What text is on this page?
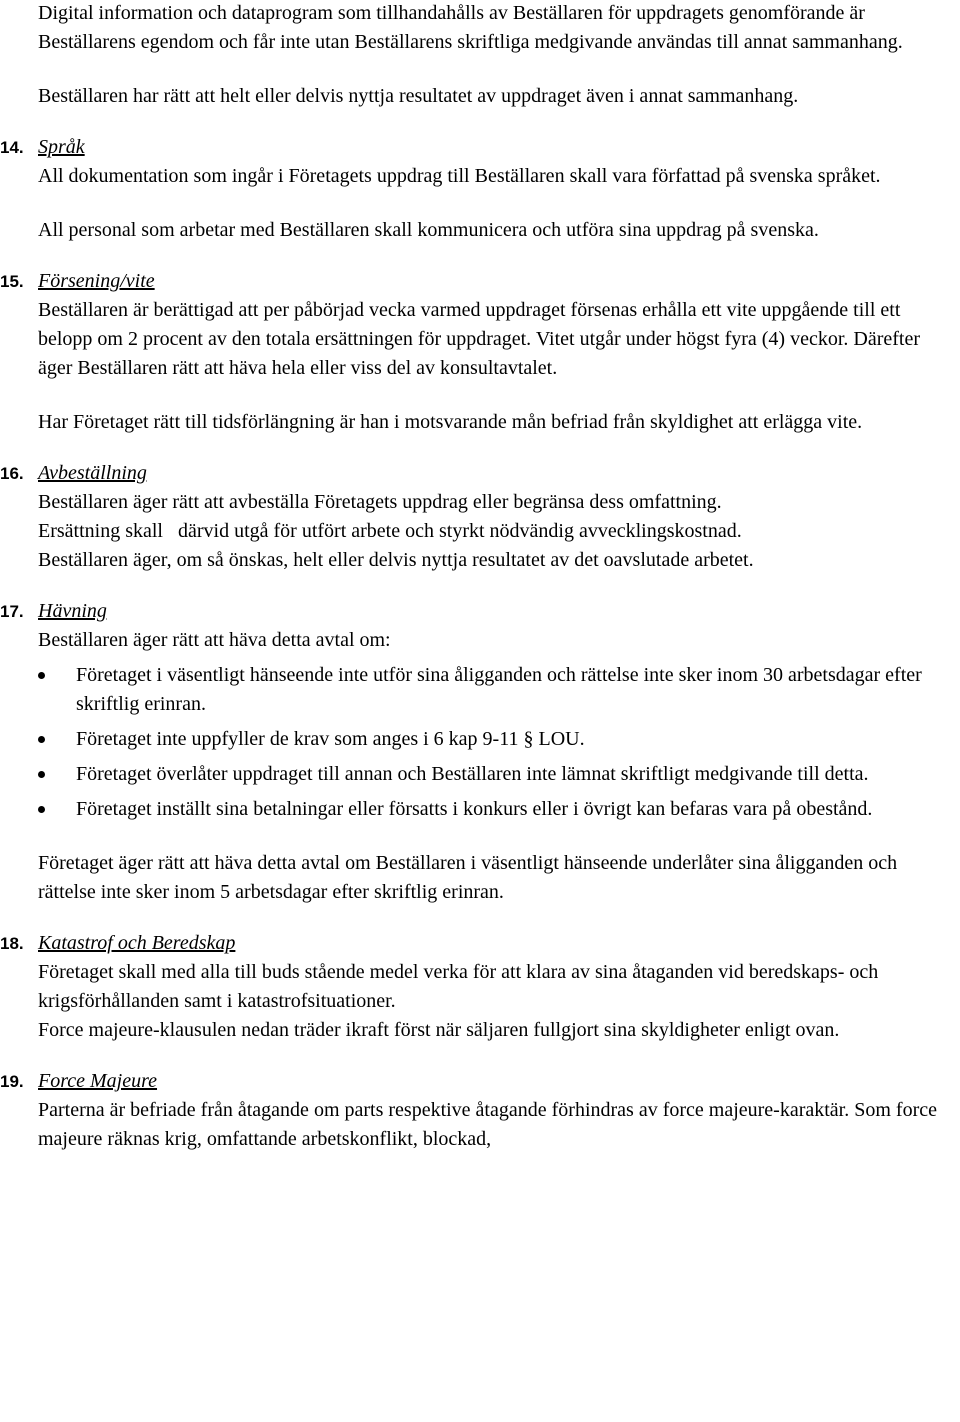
Digital information och dataprogram som tillhandahålls av Beställaren för uppdragets genomförande är Beställarens egendom och får inte utan Beställarens skriftliga medgivande användas till annat sammanhang.

Beställaren har rätt att helt eller delvis nyttja resultatet av uppdraget även i annat sammanhang.

14. Språk

All dokumentation som ingår i Företagets uppdrag till Beställaren skall vara författad på svenska språket.

All personal som arbetar med Beställaren skall kommunicera och utföra sina uppdrag på svenska.

15. Försening/vite

Beställaren är berättigad att per påbörjad vecka varmed uppdraget försenas erhålla ett vite uppgående till ett belopp om 2 procent av den totala ersättningen för uppdraget. Vitet utgår under högst fyra (4) veckor. Därefter äger Beställaren rätt att häva hela eller viss del av konsultavtalet.

Har Företaget rätt till tidsförlängning är han i motsvarande mån befriad från skyldighet att erlägga vite.

16. Avbeställning

Beställaren äger rätt att avbeställa Företagets uppdrag eller begränsa dess omfattning.

Ersättning skall   därvid utgå för utfört arbete och styrkt nödvändig avvecklingskostnad.

Beställaren äger, om så önskas, helt eller delvis nyttja resultatet av det oavslutade arbetet.

17. Hävning

Beställaren äger rätt att häva detta avtal om:

Företaget i väsentligt hänseende inte utför sina åligganden och rättelse inte sker inom 30 arbetsdagar efter skriftlig erinran.
Företaget inte uppfyller de krav som anges i 6 kap 9-11 § LOU.
Företaget överlåter uppdraget till annan och Beställaren inte lämnat skriftligt medgivande till detta.
Företaget inställt sina betalningar eller försatts i konkurs eller i övrigt kan befaras vara på obestånd.

Företaget äger rätt att häva detta avtal om Beställaren i väsentligt hänseende underlåter sina åligganden och rättelse inte sker inom 5 arbetsdagar efter skriftlig erinran.

18. Katastrof och Beredskap

Företaget skall med alla till buds stående medel verka för att klara av sina åtaganden vid beredskaps- och krigsförhållanden samt i katastrofsituationer.

Force majeure-klausulen nedan träder ikraft först när säljaren fullgjort sina skyldigheter enligt ovan.

19. Force Majeure

Parterna är befriade från åtagande om parts respektive åtagande förhindras av force majeure-karaktär. Som force majeure räknas krig, omfattande arbetskonflikt, blockad,
